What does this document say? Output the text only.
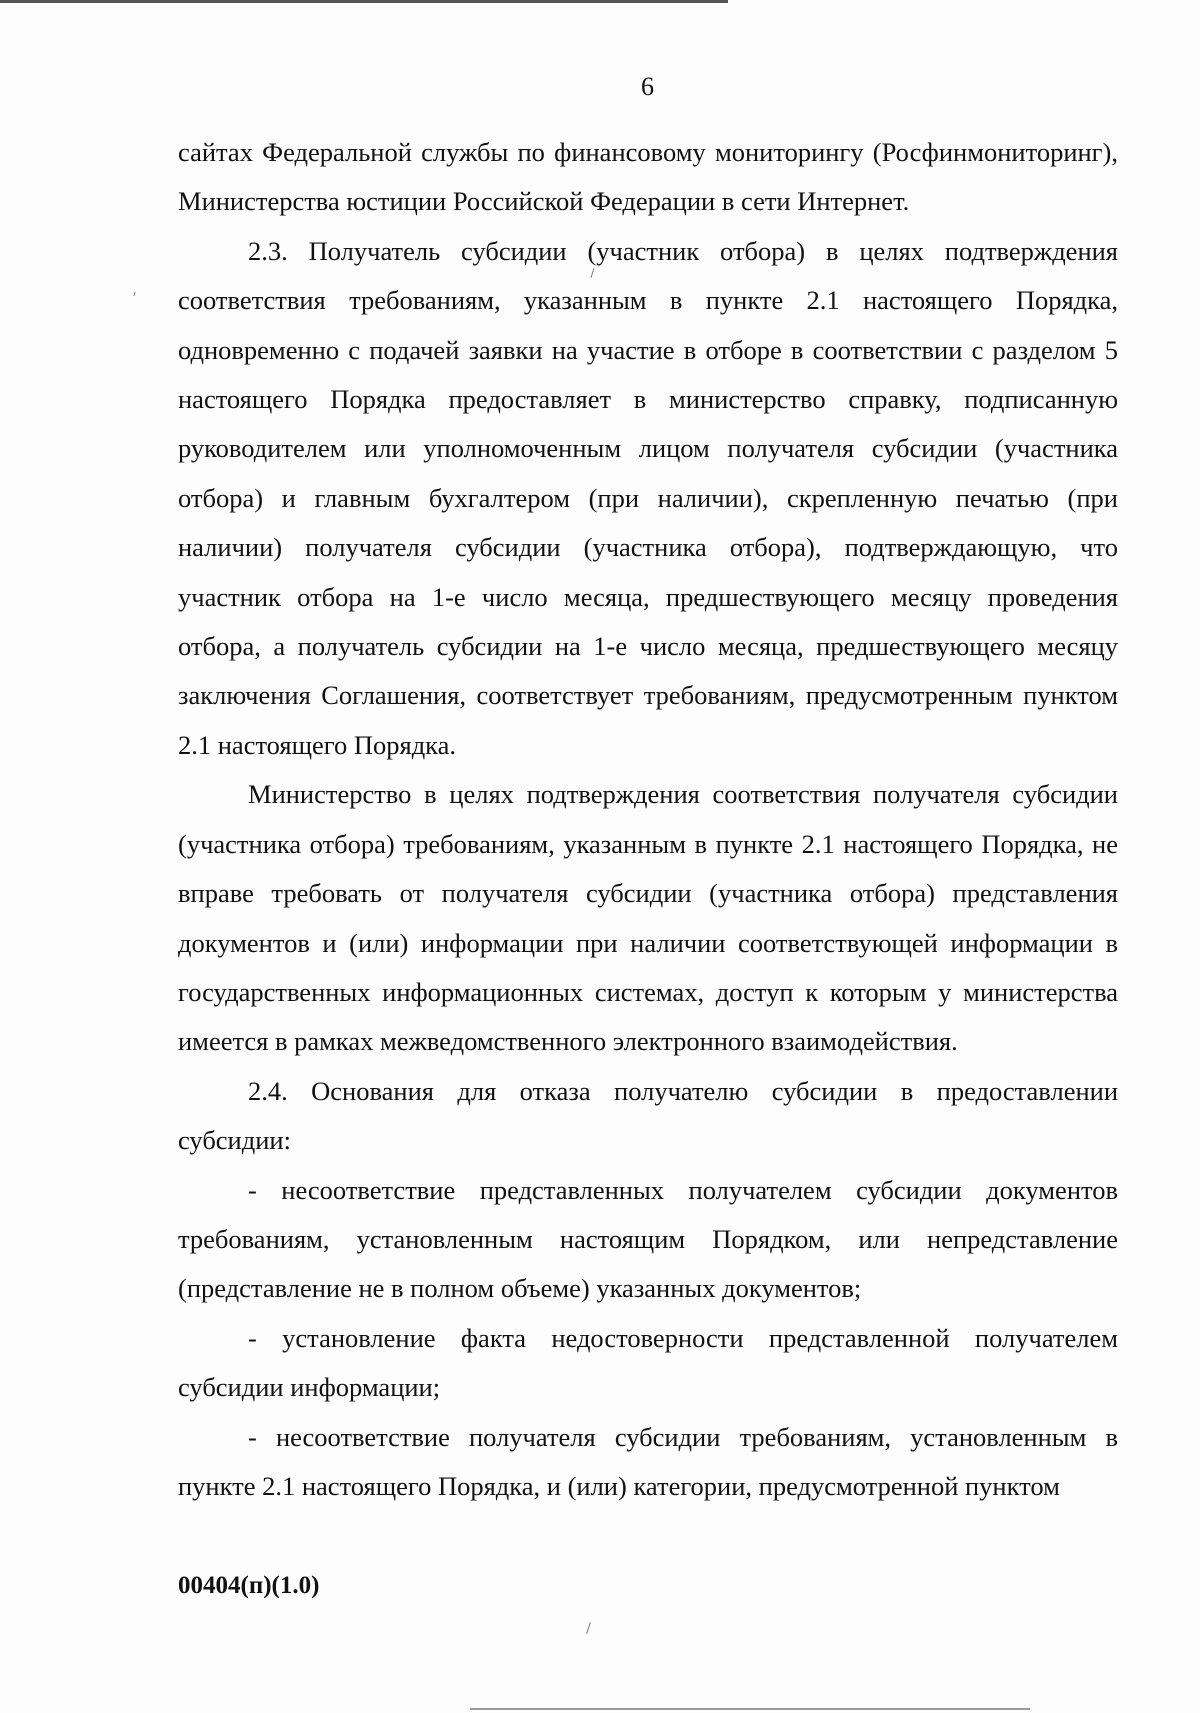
6

сайтах Федеральной службы по финансовому мониторингу (Росфинмониторинг), Министерства юстиции Российской Федерации в сети Интернет.

2.3. Получатель субсидии (участник отбора) в целях подтверждения соответствия требованиям, указанным в пункте 2.1 настоящего Порядка, одновременно с подачей заявки на участие в отборе в соответствии с разделом 5 настоящего Порядка предоставляет в министерство справку, подписанную руководителем или уполномоченным лицом получателя субсидии (участника отбора) и главным бухгалтером (при наличии), скрепленную печатью (при наличии) получателя субсидии (участника отбора), подтверждающую, что участник отбора на 1-е число месяца, предшествующего месяцу проведения отбора, а получатель субсидии на 1-е число месяца, предшествующего месяцу заключения Соглашения, соответствует требованиям, предусмотренным пунктом 2.1 настоящего Порядка.

Министерство в целях подтверждения соответствия получателя субсидии (участника отбора) требованиям, указанным в пункте 2.1 настоящего Порядка, не вправе требовать от получателя субсидии (участника отбора) представления документов и (или) информации при наличии соответствующей информации в государственных информационных системах, доступ к которым у министерства имеется в рамках межведомственного электронного взаимодействия.

2.4. Основания для отказа получателю субсидии в предоставлении субсидии:

- несоответствие представленных получателем субсидии документов требованиям, установленным настоящим Порядком, или непредставление (представление не в полном объеме) указанных документов;

- установление факта недостоверности представленной получателем субсидии информации;

- несоответствие получателя субсидии требованиям, установленным в пункте 2.1 настоящего Порядка, и (или) категории, предусмотренной пунктом

00404(п)(1.0)
